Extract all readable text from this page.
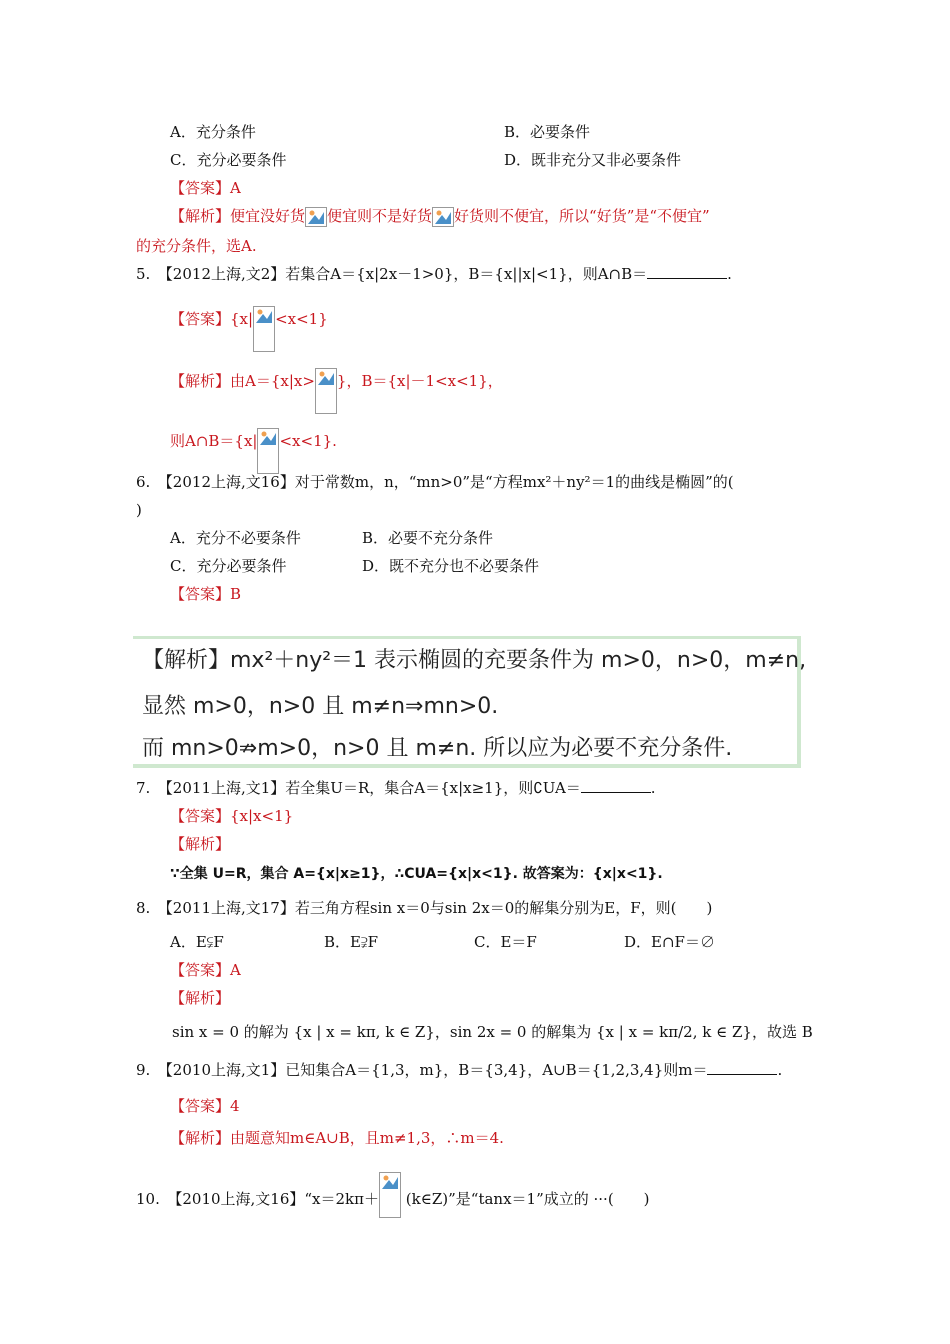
A．充分条件	B．必要条件
C．充分必要条件	D．既非充分又非必要条件
【答案】A
【解析】便宜没好货 便宜则不是好货 好货则不便宜，所以“好货”是“不便宜”
的充分条件，选A.
5.　【2012上海,文2】若集合A＝{x|2x－1>0}，B＝{x||x|<1}，则A∩B＝	.
【答案】{x| <x<1}
【解析】由A＝{x|x> }，B＝{x|－1<x<1}，
则A∩B＝{x| <x<1}.
6.　【2012上海,文16】对于常数m，n，“mn>0”是“方程mx²＋ny²＝1的曲线是椭圆”的(
)
A．充分不必要条件	B．必要不充分条件
C．充分必要条件	D．既不充分也不必要条件
【答案】B
【解析】mx²＋ny²＝1 表示椭圆的充要条件为 m>0，n>0，m≠n,
显然 m>0，n>0 且 m≠n⇒mn>0.
而 mn>0⇏m>0，n>0 且 m≠n. 所以应为必要不充分条件.
7.　【2011上海,文1】若全集U＝R，集合A＝{x|x≥1}，则∁UA＝	.
【答案】{x|x<1}
【解析】
∵全集 U=R，集合 A={x|x≥1}，∴CUA={x|x<1}. 故答案为：{x|x<1}.
8.　【2011上海,文17】若三角方程sin x＝0与sin 2x＝0的解集分别为E，F，则(　　)
A．E⫋F	B．E⫌F	C．E＝F	D．E∩F＝∅
【答案】A
【解析】
sin x = 0 的解为 {x | x = kπ, k ∈ Z}，sin 2x = 0 的解集为 {x | x = kπ/2, k ∈ Z}，故选 B
9.　【2010上海,文1】已知集合A＝{1,3，m}，B＝{3,4}，A∪B＝{1,2,3,4}则m＝	.
【答案】4
【解析】由题意知m∈A∪B，且m≠1,3，∴m＝4.
10.　【2010上海,文16】“x＝2kπ＋ (k∈Z)”是“tanx＝1”成立的 ···(　　)
